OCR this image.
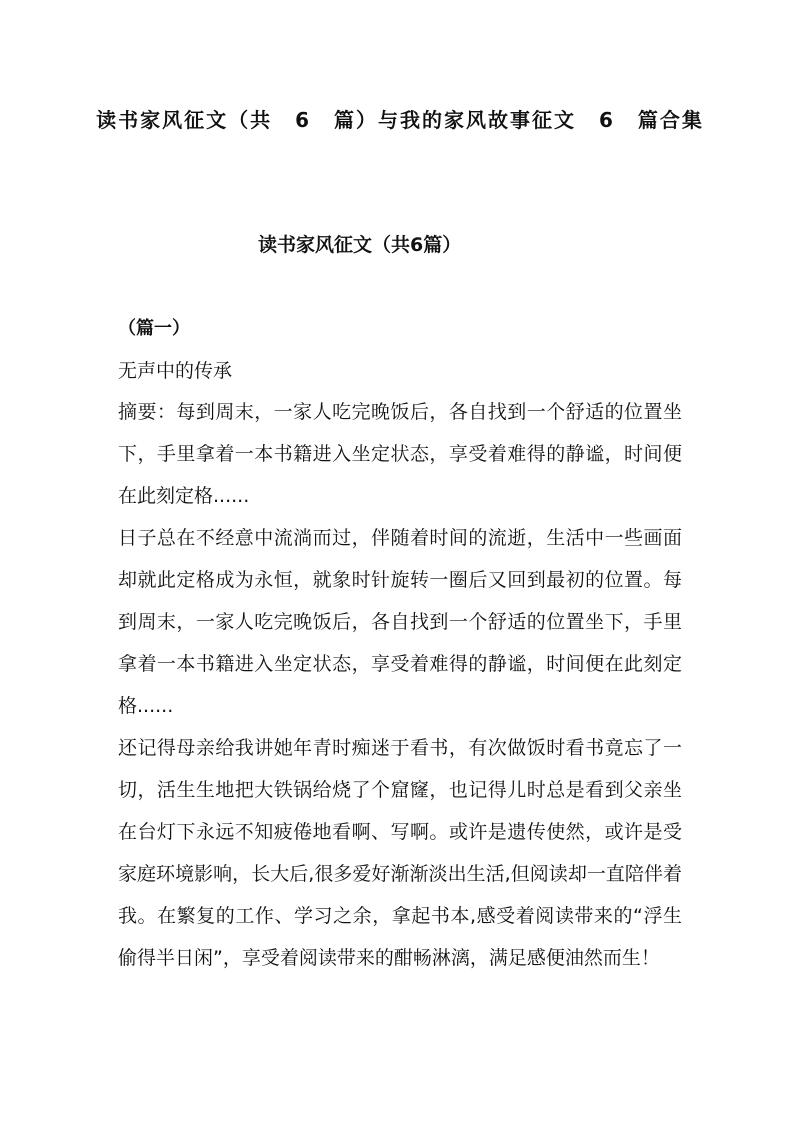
读书家风征文（共 6 篇）与我的家风故事征文 6 篇合集
读书家风征文（共6篇）
（篇一）
无声中的传承
摘要：每到周末，一家人吃完晚饭后，各自找到一个舒适的位置坐
下，手里拿着一本书籍进入坐定状态，享受着难得的静谧，时间便
在此刻定格......
日子总在不经意中流淌而过，伴随着时间的流逝，生活中一些画面
却就此定格成为永恒，就象时针旋转一圈后又回到最初的位置。每
到周末，一家人吃完晚饭后，各自找到一个舒适的位置坐下，手里
拿着一本书籍进入坐定状态，享受着难得的静谧，时间便在此刻定
格......
还记得母亲给我讲她年青时痴迷于看书，有次做饭时看书竟忘了一
切，活生生地把大铁锅给烧了个窟窿，也记得儿时总是看到父亲坐
在台灯下永远不知疲倦地看啊、写啊。或许是遗传使然，或许是受
家庭环境影响，长大后,很多爱好渐渐淡出生活,但阅读却一直陪伴着
我。在繁复的工作、学习之余，拿起书本,感受着阅读带来的“浮生
偷得半日闲”，享受着阅读带来的酣畅淋漓，满足感便油然而生！
